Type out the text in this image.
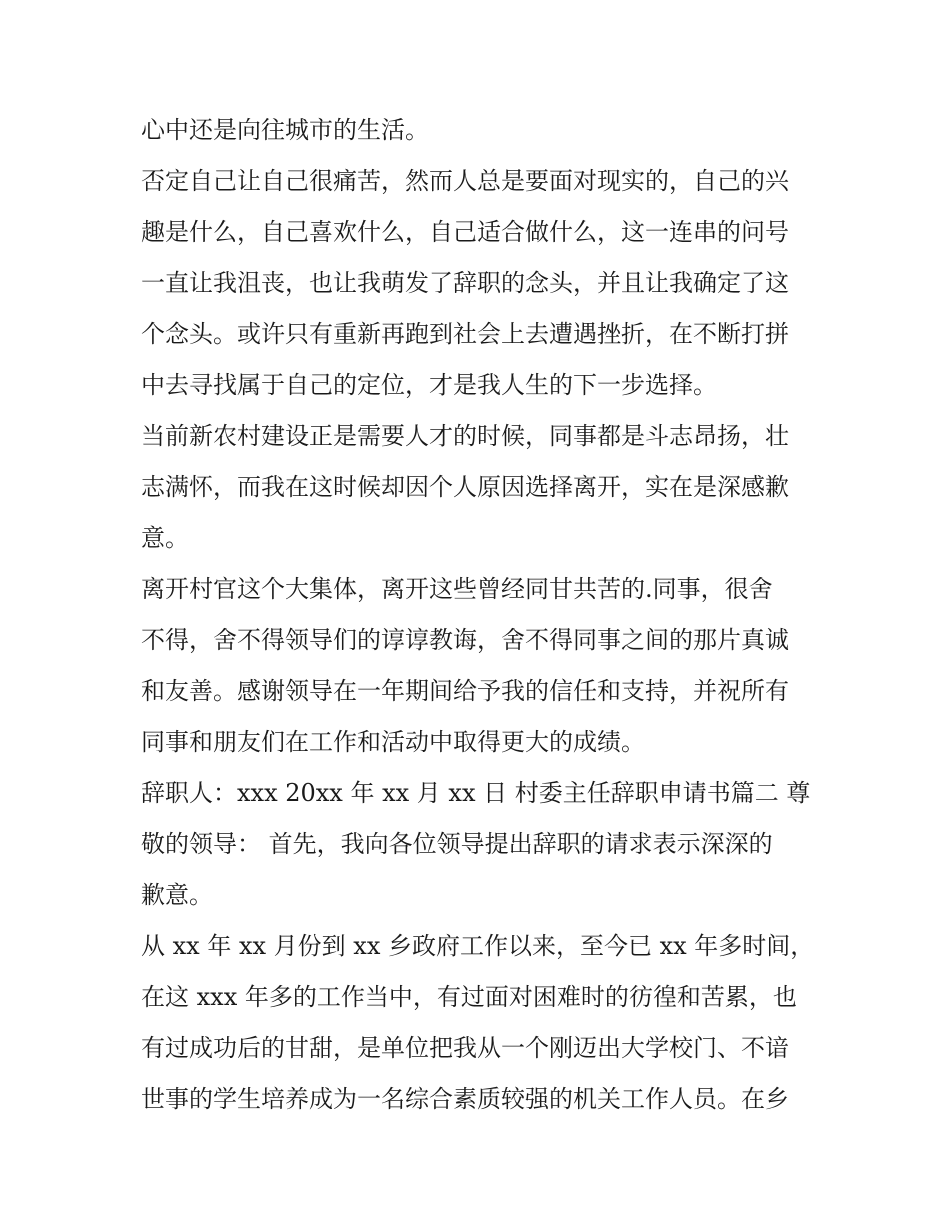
心中还是向往城市的生活。
否定自己让自己很痛苦，然而人总是要面对现实的，自己的兴
趣是什么，自己喜欢什么，自己适合做什么，这一连串的问号
一直让我沮丧，也让我萌发了辞职的念头，并且让我确定了这
个念头。或许只有重新再跑到社会上去遭遇挫折，在不断打拼
中去寻找属于自己的定位，才是我人生的下一步选择。
当前新农村建设正是需要人才的时候，同事都是斗志昂扬，壮
志满怀，而我在这时候却因个人原因选择离开，实在是深感歉
意。
离开村官这个大集体，离开这些曾经同甘共苦的.同事，很舍
不得，舍不得领导们的谆谆教诲，舍不得同事之间的那片真诚
和友善。感谢领导在一年期间给予我的信任和支持，并祝所有
同事和朋友们在工作和活动中取得更大的成绩。
辞职人：xxx 20xx 年 xx 月 xx 日 村委主任辞职申请书篇二 尊
敬的领导： 首先，我向各位领导提出辞职的请求表示深深的
歉意。
从 xx 年 xx 月份到 xx 乡政府工作以来，至今已 xx 年多时间，
在这 xxx 年多的工作当中，有过面对困难时的彷徨和苦累，也
有过成功后的甘甜，是单位把我从一个刚迈出大学校门、不谙
世事的学生培养成为一名综合素质较强的机关工作人员。在乡
